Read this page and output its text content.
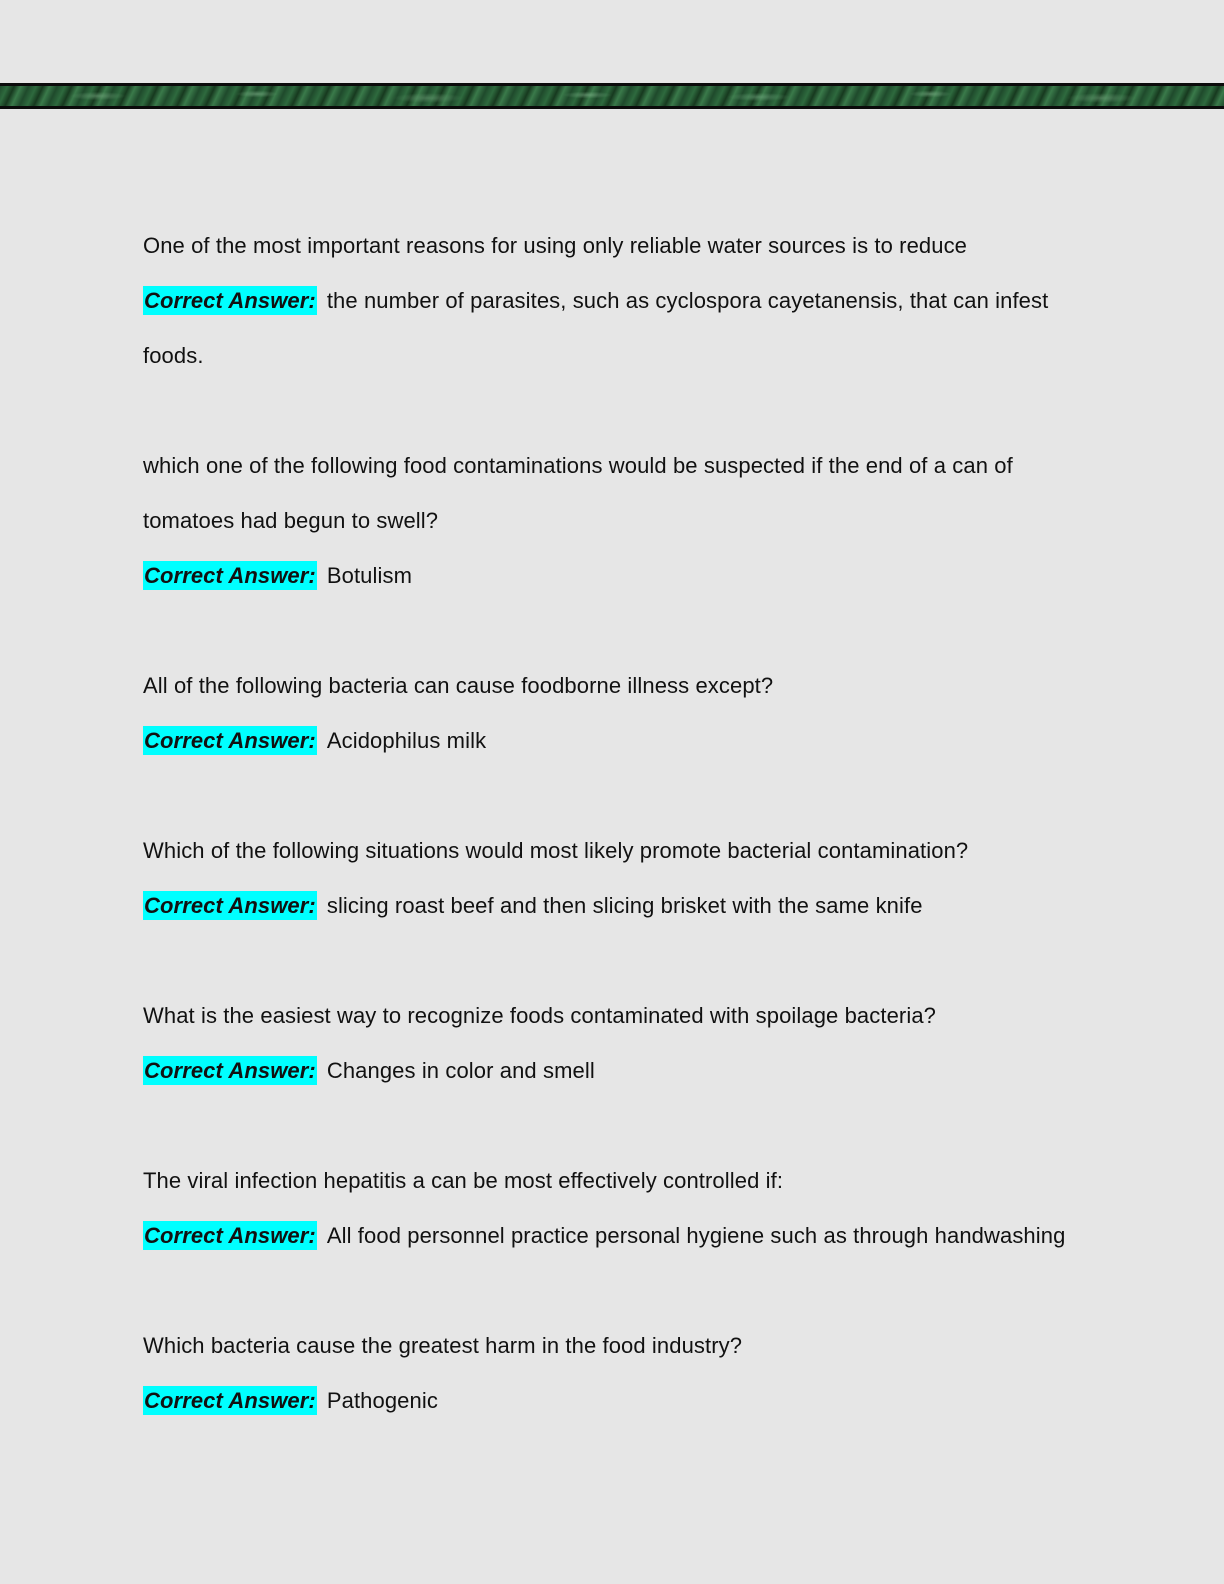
One of the most important reasons for using only reliable water sources is to reduce
Correct Answer: the number of parasites, such as cyclospora cayetanensis, that can infest foods.
which one of the following food contaminations would be suspected if the end of a can of tomatoes had begun to swell?
Correct Answer: Botulism
All of the following bacteria can cause foodborne illness except?
Correct Answer: Acidophilus milk
Which of the following situations would most likely promote bacterial contamination?
Correct Answer: slicing roast beef and then slicing brisket with the same knife
What is the easiest way to recognize foods contaminated with spoilage bacteria?
Correct Answer: Changes in color and smell
The viral infection hepatitis a can be most effectively controlled if:
Correct Answer: All food personnel practice personal hygiene such as through handwashing
Which bacteria cause the greatest harm in the food industry?
Correct Answer: Pathogenic
